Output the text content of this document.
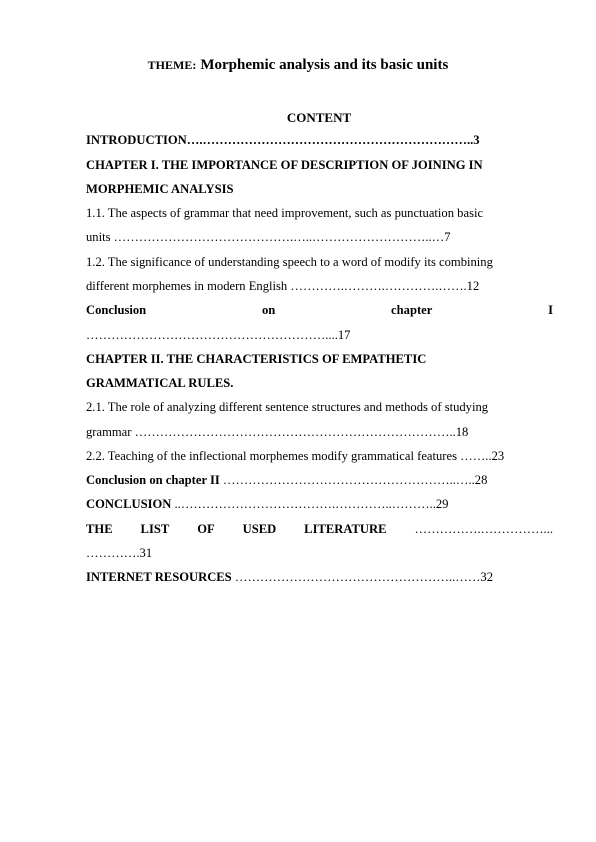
THEME: Morphemic analysis and its basic units
CONTENT
INTRODUCTION….………………………………………………………..3
CHAPTER I. THE IMPORTANCE OF DESCRIPTION OF JOINING IN
MORPHEMIC ANALYSIS
1.1. The aspects of grammar that need improvement, such as punctuation basic
units …………………………………….…..………………………..…7
1.2. The significance of understanding speech to a word of modify its combining
different morphemes in modern English ………….……….………….…….12
Conclusion	on	chapter	I
…………………………………………………....17
CHAPTER II. THE CHARACTERISTICS OF EMPATHETIC
GRAMMATICAL RULES.
2.1. The role of analyzing different sentence structures and methods of studying
grammar …………………………………………………………………..18
2.2. Teaching of the inflectional morphemes modify grammatical features ……..23
Conclusion on chapter II ………………………………………………..…..28
CONCLUSION ..……………………………….…………..………..29
THE LIST OF USED LITERATURE …………….……………...
………….31
INTERNET RESOURCES ……………………………………………..……32
